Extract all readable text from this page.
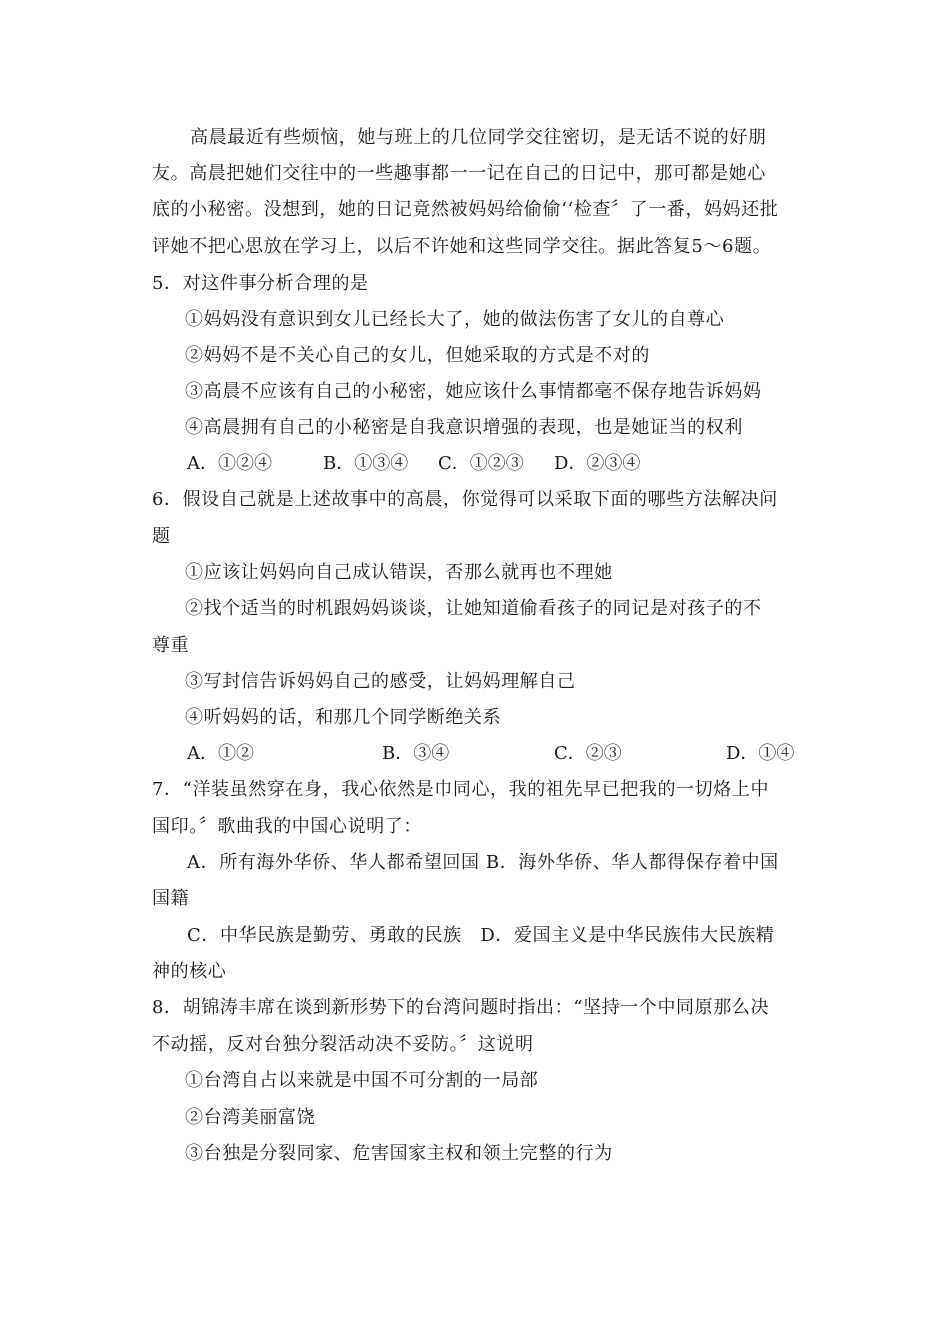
高晨最近有些烦恼，她与班上的几位同学交往密切，是无话不说的好朋
友。高晨把她们交往中的一些趣事都一一记在自己的日记中，那可都是她心
底的小秘密。没想到，她的日记竟然被妈妈给偷偷‘‘检查〞了一番，妈妈还批
评她不把心思放在学习上，以后不许她和这些同学交往。据此答复5～6题。
5．对这件事分析合理的是
①妈妈没有意识到女儿已经长大了，她的做法伤害了女儿的自尊心
②妈妈不是不关心自己的女儿，但她采取的方式是不对的
③高晨不应该有自己的小秘密，她应该什么事情都毫不保存地告诉妈妈
④高晨拥有自己的小秘密是自我意识增强的表现，也是她证当的权利
A．①②④	B．①③④ C．①②③ D．②③④
6．假设自己就是上述故事中的高晨，你觉得可以采取下面的哪些方法解决问
题
①应该让妈妈向自己成认错误，否那么就再也不理她
②找个适当的时机跟妈妈谈谈，让她知道偷看孩子的同记是对孩子的不
尊重
③写封信告诉妈妈自己的感受，让妈妈理解自己
④听妈妈的话，和那几个同学断绝关系
A．①②	B．③④	C．②③	D．①④
7．“洋装虽然穿在身，我心依然是巾同心，我的祖先早已把我的一切烙上中
国印。〞歌曲我的中国心说明了：
A．所有海外华侨、华人都希望回国 B．海外华侨、华人都得保存着中国
国籍
C．中华民族是勤劳、勇敢的民族　D．爱国主义是中华民族伟大民族精
神的核心
8．胡锦涛丰席在谈到新形势下的台湾问题时指出：“坚持一个中同原那么决
不动摇，反对台独分裂活动决不妥防。〞这说明
①台湾自占以来就是中国不可分割的一局部
②台湾美丽富饶
③台独是分裂同家、危害国家主权和领土完整的行为
